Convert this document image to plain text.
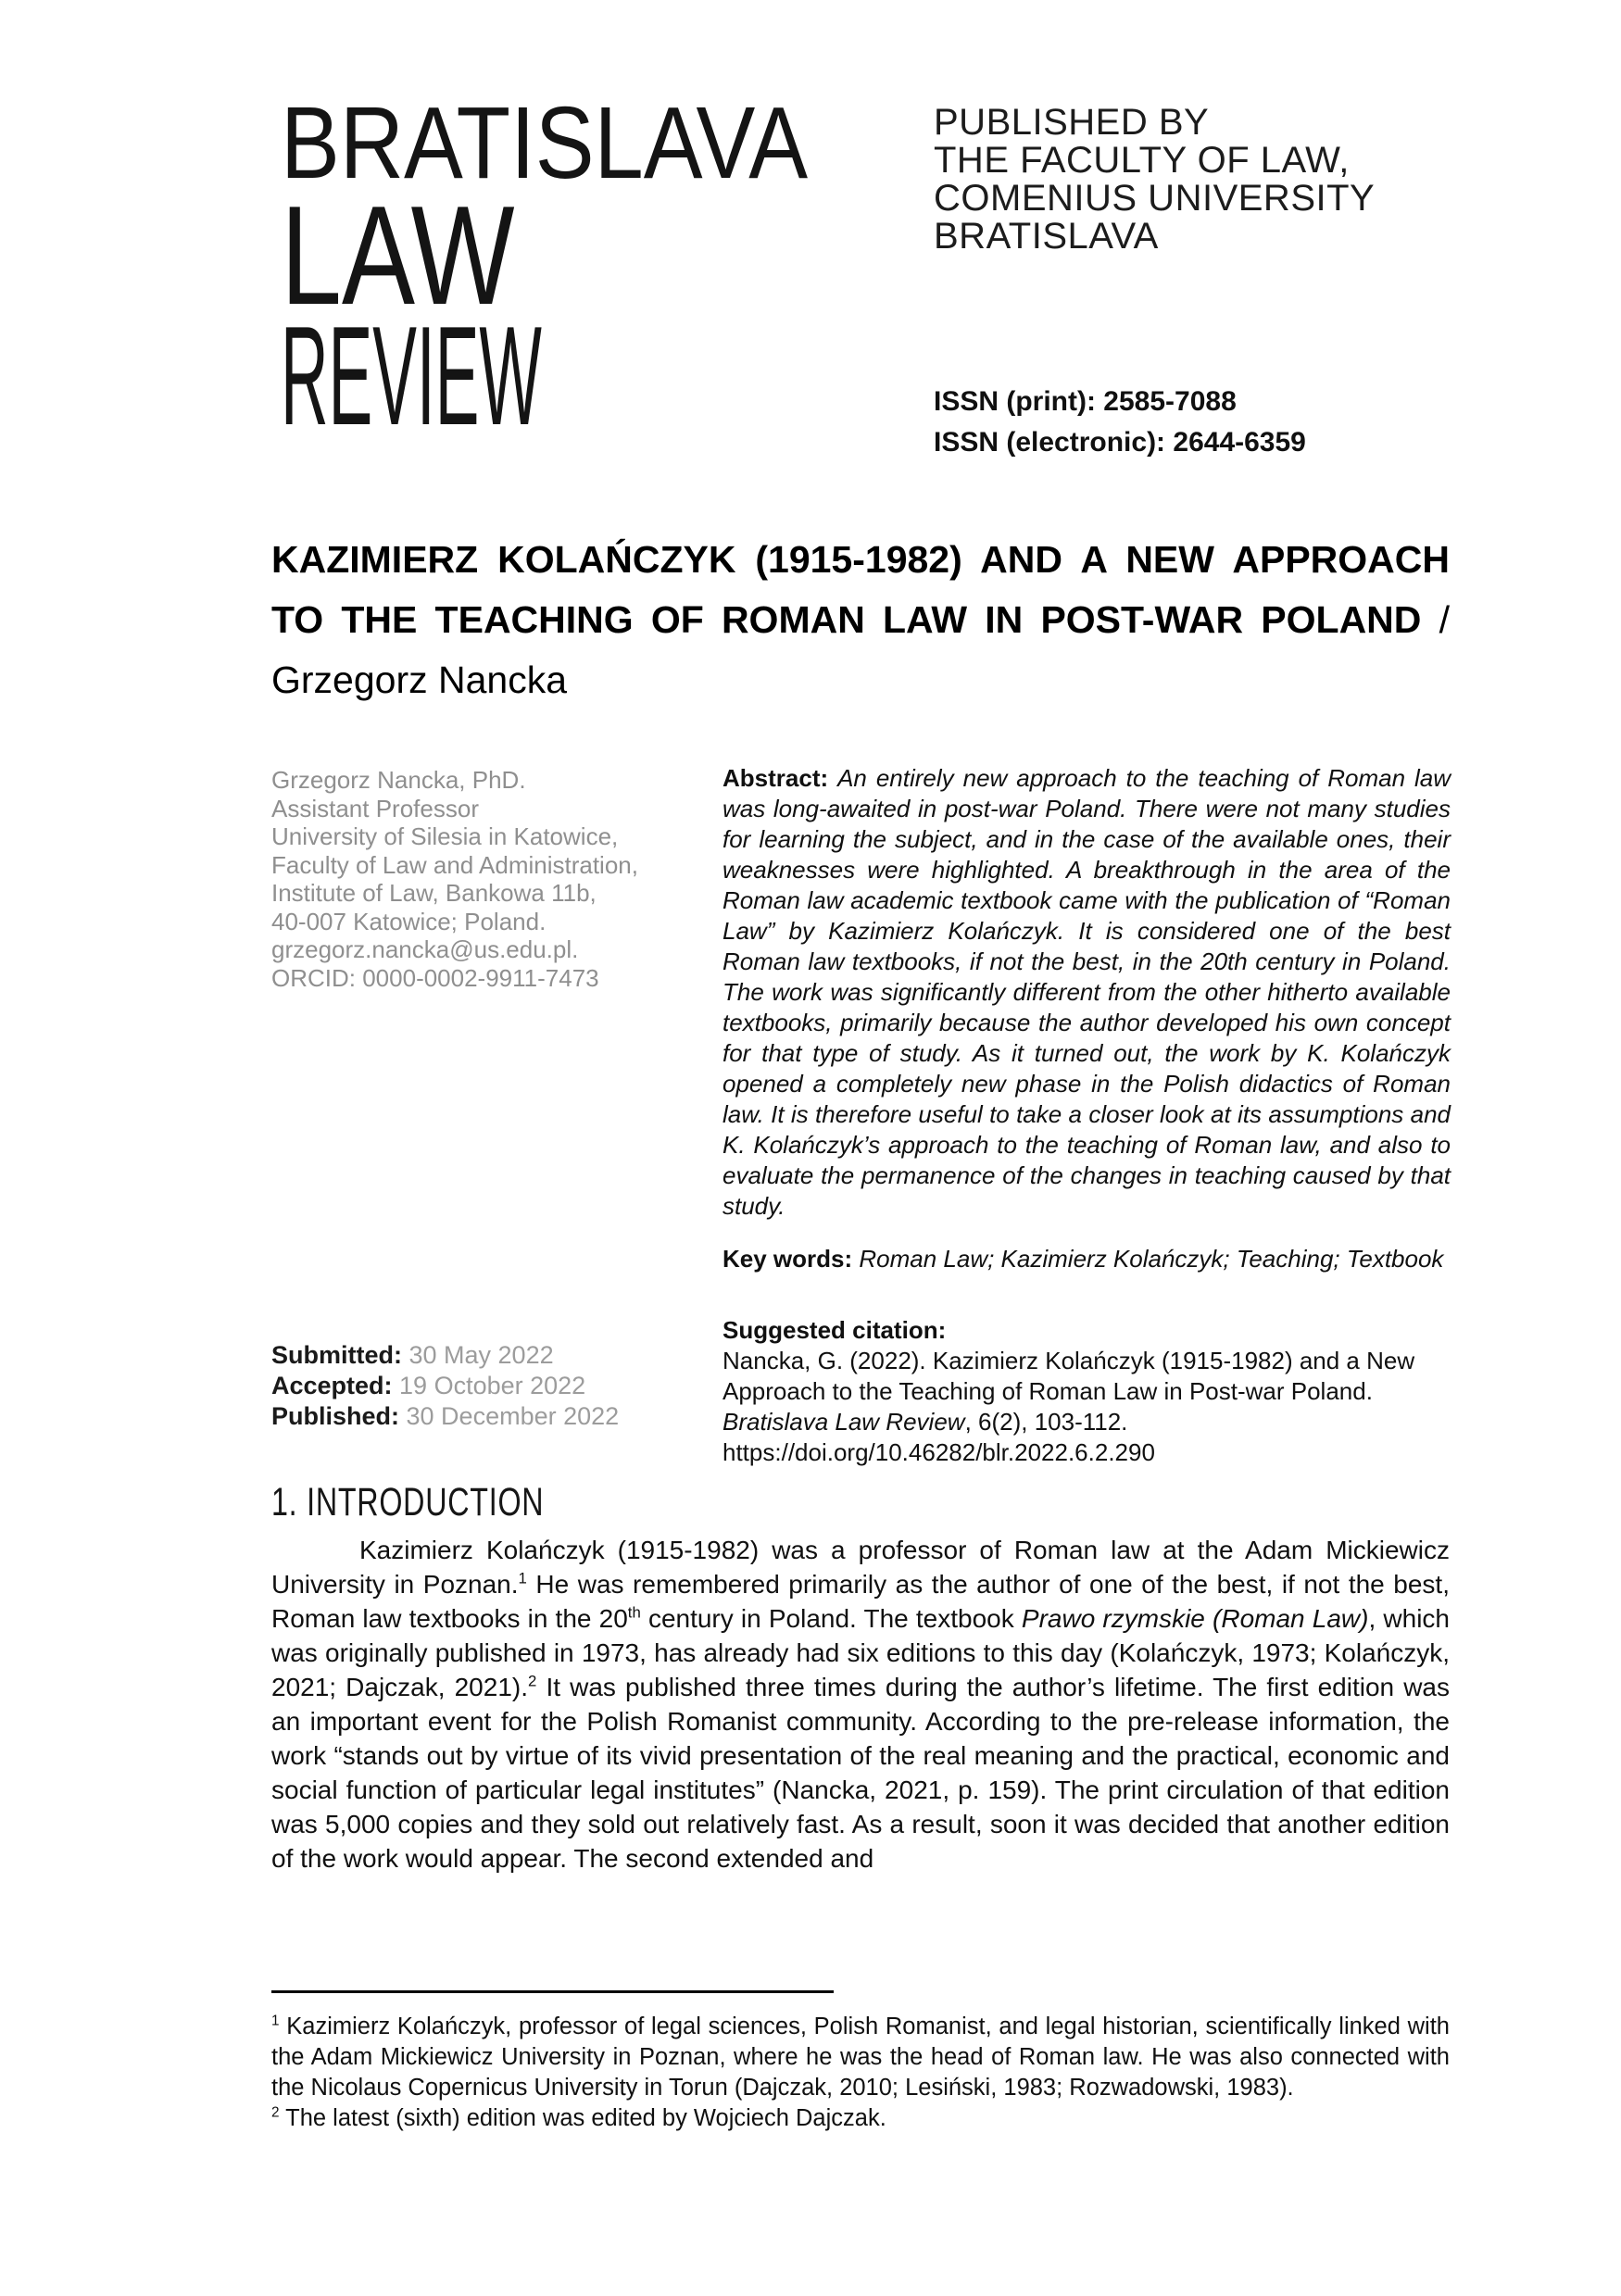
BRATISLAVA
LAW
REVIEW
PUBLISHED BY
THE FACULTY OF LAW,
COMENIUS UNIVERSITY
BRATISLAVA
ISSN (print): 2585-7088
ISSN (electronic): 2644-6359
KAZIMIERZ KOLAŃCZYK (1915-1982) AND A NEW APPROACH TO THE TEACHING OF ROMAN LAW IN POST-WAR POLAND / Grzegorz Nancka
Grzegorz Nancka, PhD.
Assistant Professor
University of Silesia in Katowice,
Faculty of Law and Administration,
Institute of Law, Bankowa 11b,
40-007 Katowice; Poland.
grzegorz.nancka@us.edu.pl.
ORCID: 0000-0002-9911-7473
Submitted: 30 May 2022
Accepted: 19 October 2022
Published: 30 December 2022
Abstract: An entirely new approach to the teaching of Roman law was long-awaited in post-war Poland. There were not many studies for learning the subject, and in the case of the available ones, their weaknesses were highlighted. A breakthrough in the area of the Roman law academic textbook came with the publication of “Roman Law” by Kazimierz Kolańczyk. It is considered one of the best Roman law textbooks, if not the best, in the 20th century in Poland. The work was significantly different from the other hitherto available textbooks, primarily because the author developed his own concept for that type of study. As it turned out, the work by K. Kolańczyk opened a completely new phase in the Polish didactics of Roman law. It is therefore useful to take a closer look at its assumptions and K. Kolańczyk’s approach to the teaching of Roman law, and also to evaluate the permanence of the changes in teaching caused by that study.
Key words: Roman Law; Kazimierz Kolańczyk; Teaching; Textbook
Suggested citation:
Nancka, G. (2022). Kazimierz Kolańczyk (1915-1982) and a New Approach to the Teaching of Roman Law in Post-war Poland. Bratislava Law Review, 6(2), 103-112. https://doi.org/10.46282/blr.2022.6.2.290
1. INTRODUCTION
Kazimierz Kolańczyk (1915-1982) was a professor of Roman law at the Adam Mickiewicz University in Poznan.$^1$ He was remembered primarily as the author of one of the best, if not the best, Roman law textbooks in the 20th century in Poland. The textbook Prawo rzymskie (Roman Law), which was originally published in 1973, has already had six editions to this day (Kolańczyk, 1973; Kolańczyk, 2021; Dajczak, 2021).$^2$ It was published three times during the author’s lifetime. The first edition was an important event for the Polish Romanist community. According to the pre-release information, the work “stands out by virtue of its vivid presentation of the real meaning and the practical, economic and social function of particular legal institutes” (Nancka, 2021, p. 159). The print circulation of that edition was 5,000 copies and they sold out relatively fast. As a result, soon it was decided that another edition of the work would appear. The second extended and
$^1$ Kazimierz Kolańczyk, professor of legal sciences, Polish Romanist, and legal historian, scientifically linked with the Adam Mickiewicz University in Poznan, where he was the head of Roman law. He was also connected with the Nicolaus Copernicus University in Torun (Dajczak, 2010; Lesiński, 1983; Rozwadowski, 1983).
$^2$ The latest (sixth) edition was edited by Wojciech Dajczak.
